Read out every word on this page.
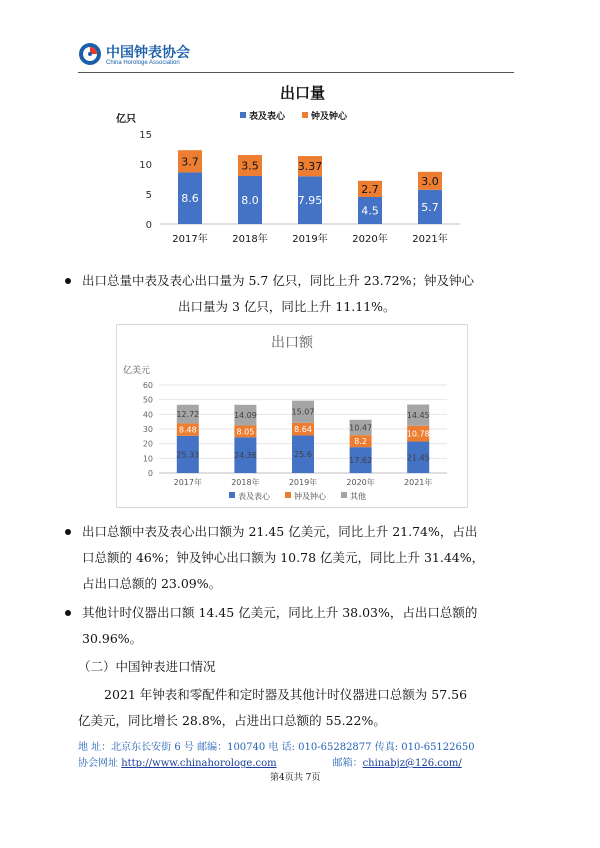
中国钟表协会
China Horologe Association
出口量
表及表心	钟及钟心
亿只
0
5
10
15
8.6
3.7
2017年
8.0
3.5
2018年
7.95
3.37
2019年
4.5
2.7
2020年
5.7
3.0
2021年
出口总量中表及表心出口量为 5.7 亿只，同比上升 23.72%；钟及钟心
出口量为 3 亿只，同比上升 11.11%。
出口额
亿美元
0
10
20
30
40
50
60
25.33
8.48
12.72
2017年
24.36
8.05
14.09
2018年
25.6
8.64
15.07
2019年
17.62
8.2
10.47
2020年
21.45
10.78
14.45
2021年
表及表心	钟及钟心	其他
出口总额中表及表心出口额为 21.45 亿美元，同比上升 21.74%，占出
口总额的 46%；钟及钟心出口额为 10.78 亿美元，同比上升 31.44%，
占出口总额的 23.09%。
其他计时仪器出口额 14.45 亿美元，同比上升 38.03%，占出口总额的
30.96%。
（二）中国钟表进口情况
2021 年钟表和零配件和定时器及其他计时仪器进口总额为 57.56
亿美元，同比增长 28.8%，占进出口总额的 55.22%。
地 址：北京东长安街 6 号 邮编：100740 电 话: 010-65282877 传真: 010-65122650
协会网址 http://www.chinahorologe.com	邮箱：chinabjz@126.com/
第4页共 7页
